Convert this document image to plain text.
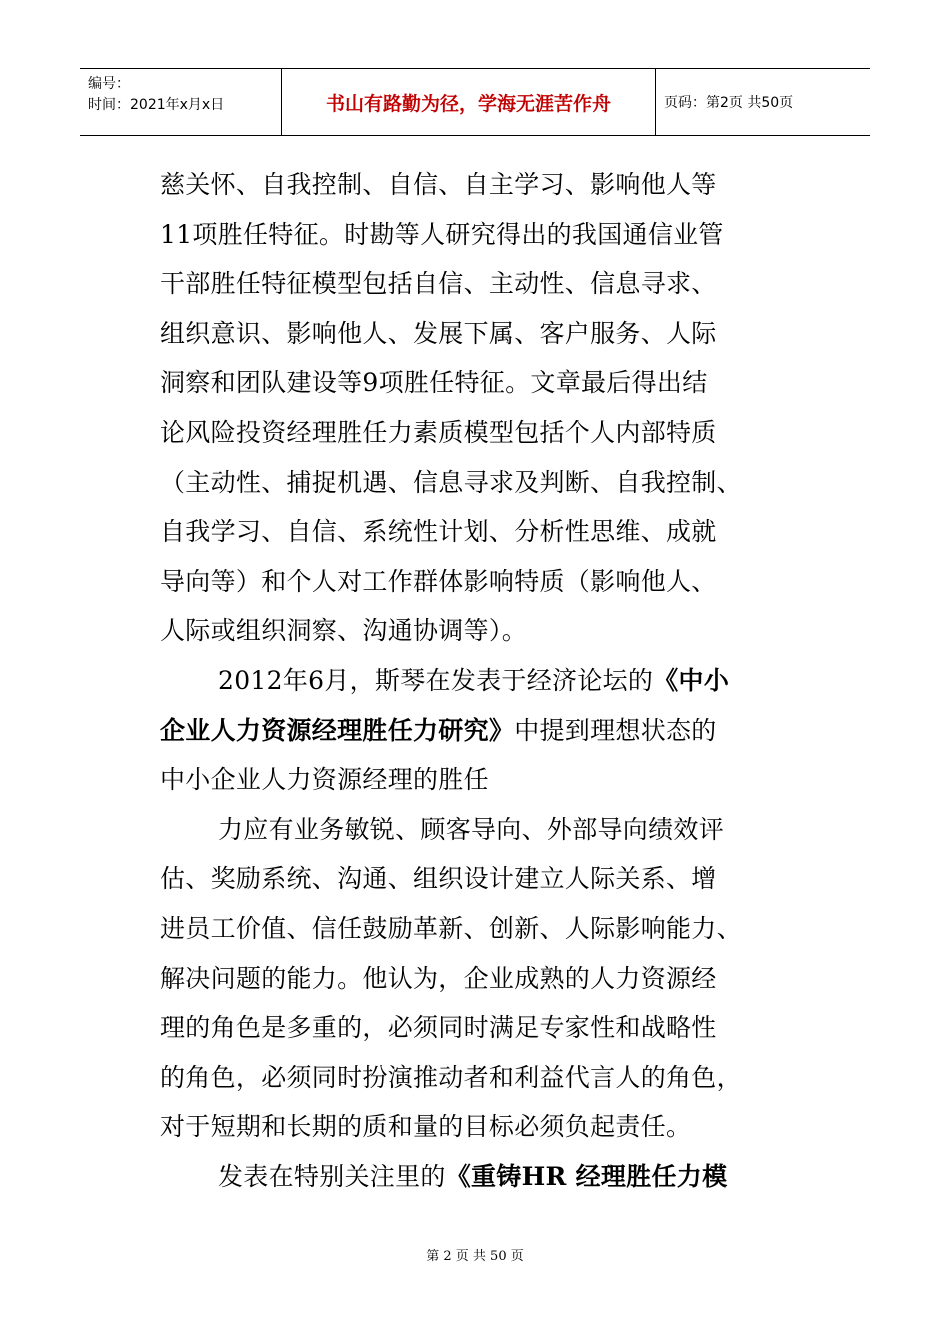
编号：
时间：2021年x月x日	书山有路勤为径，学海无涯苦作舟	页码：第2页 共50页

慈关怀、自我控制、自信、自主学习、影响他人等

11项胜任特征。时勘等人研究得出的我国通信业管

干部胜任特征模型包括自信、主动性、信息寻求、

组织意识、影响他人、发展下属、客户服务、人际

洞察和团队建设等9项胜任特征。文章最后得出结

论风险投资经理胜任力素质模型包括个人内部特质

（主动性、捕捉机遇、信息寻求及判断、自我控制、

自我学习、自信、系统性计划、分析性思维、成就

导向等）和个人对工作群体影响特质（影响他人、

人际或组织洞察、沟通协调等）。

2012年6月，斯琴在发表于经济论坛的《中小

企业人力资源经理胜任力研究》中提到理想状态的

中小企业人力资源经理的胜任

力应有业务敏锐、顾客导向、外部导向绩效评

估、奖励系统、沟通、组织设计建立人际关系、增

进员工价值、信任鼓励革新、创新、人际影响能力、

解决问题的能力。他认为，企业成熟的人力资源经

理的角色是多重的，必须同时满足专家性和战略性

的角色，必须同时扮演推动者和利益代言人的角色，

对于短期和长期的质和量的目标必须负起责任。

发表在特别关注里的《重铸HR 经理胜任力模

第 2 页 共 50 页
